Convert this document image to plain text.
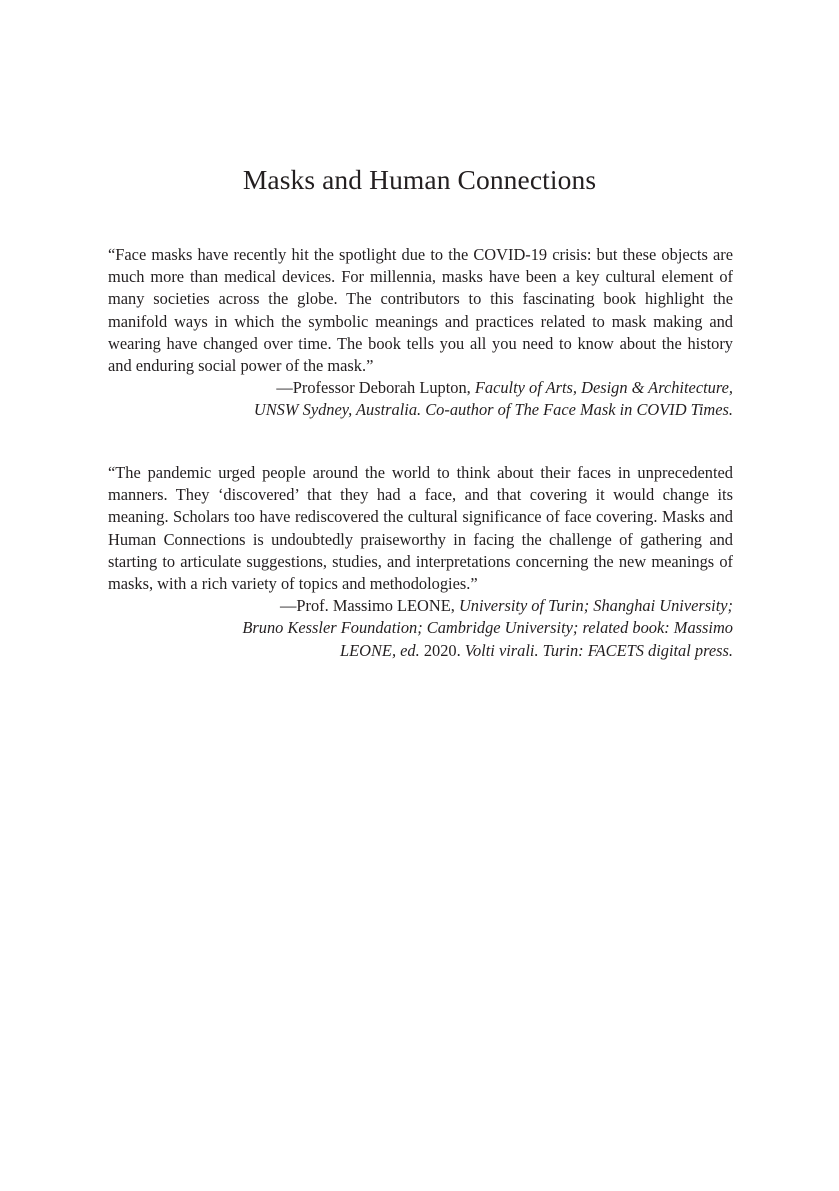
Masks and Human Connections

“Face masks have recently hit the spotlight due to the COVID-19 crisis: but these objects are much more than medical devices. For millennia, masks have been a key cultural element of many societies across the globe. The contributors to this fascinating book highlight the manifold ways in which the symbolic meanings and practices related to mask making and wearing have changed over time. The book tells you all you need to know about the history and enduring social power of the mask.”

—Professor Deborah Lupton, Faculty of Arts, Design & Architecture,
UNSW Sydney, Australia. Co-author of The Face Mask in COVID Times.

“The pandemic urged people around the world to think about their faces in unprecedented manners. They ‘discovered’ that they had a face, and that covering it would change its meaning. Scholars too have rediscovered the cultural significance of face covering. Masks and Human Connections is undoubtedly praiseworthy in facing the challenge of gathering and starting to articulate suggestions, studies, and interpretations concerning the new meanings of masks, with a rich variety of topics and methodologies.”

—Prof. Massimo LEONE, University of Turin; Shanghai University;
Bruno Kessler Foundation; Cambridge University; related book: Massimo
LEONE, ed. 2020. Volti virali. Turin: FACETS digital press.
